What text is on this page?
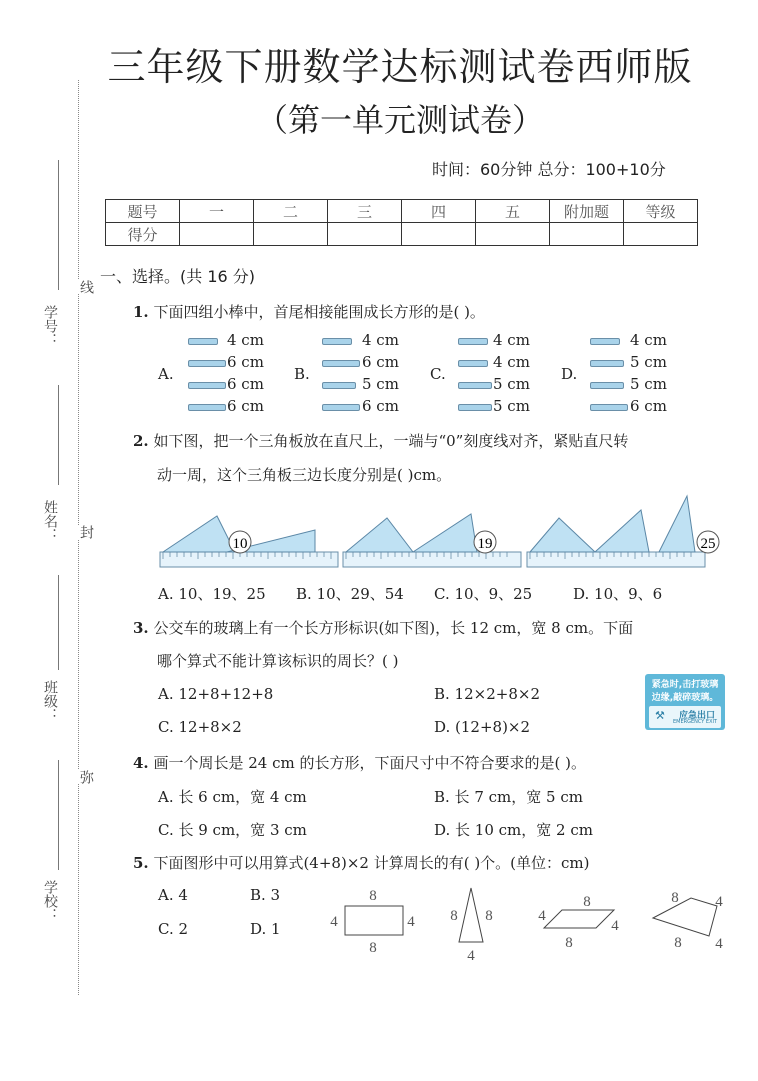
学号：
姓名：
班级：
学校：
线
封
弥
三年级下册数学达标测试卷西师版
（第一单元测试卷）
时间：60分钟 总分：100+10分
题号	一	二	三	四	五	附加题	等级
得分							
一、选择。(共 16 分)
1. 下面四组小棒中，首尾相接能围成长方形的是( )。
A.
4 cm
6 cm
6 cm
6 cm
B.
4 cm
6 cm
5 cm
6 cm
C.
4 cm
4 cm
5 cm
5 cm
D.
4 cm
5 cm
5 cm
6 cm
2. 如下图，把一个三角板放在直尺上，一端与“0”刻度线对齐，紧贴直尺转
动一周，这个三角板三边长度分别是( )cm。
10	19	25
A. 10、19、25 B. 10、29、54 C. 10、9、25	D. 10、9、6
3. 公交车的玻璃上有一个长方形标识(如下图)，长 12 cm，宽 8 cm。下面
哪个算式不能计算该标识的周长？( )
A. 12+8+12+8	B. 12×2+8×2
C. 12+8×2	D. (12+8)×2
紧急时,击打玻璃
边缘,敲碎玻璃。
⚒ 应急出口
EMERGENCY EXIT
4. 画一个周长是 24 cm 的长方形，下面尺寸中不符合要求的是( )。
A. 长 6 cm，宽 4 cm	B. 长 7 cm，宽 5 cm
C. 长 9 cm，宽 3 cm	D. 长 10 cm，宽 2 cm
5. 下面图形中可以用算式(4+8)×2 计算周长的有( )个。(单位：cm)
A. 4	B. 3
C. 2	D. 1
8
4	4
8
8 8
4
8
4
4
8
8 4
8 4
